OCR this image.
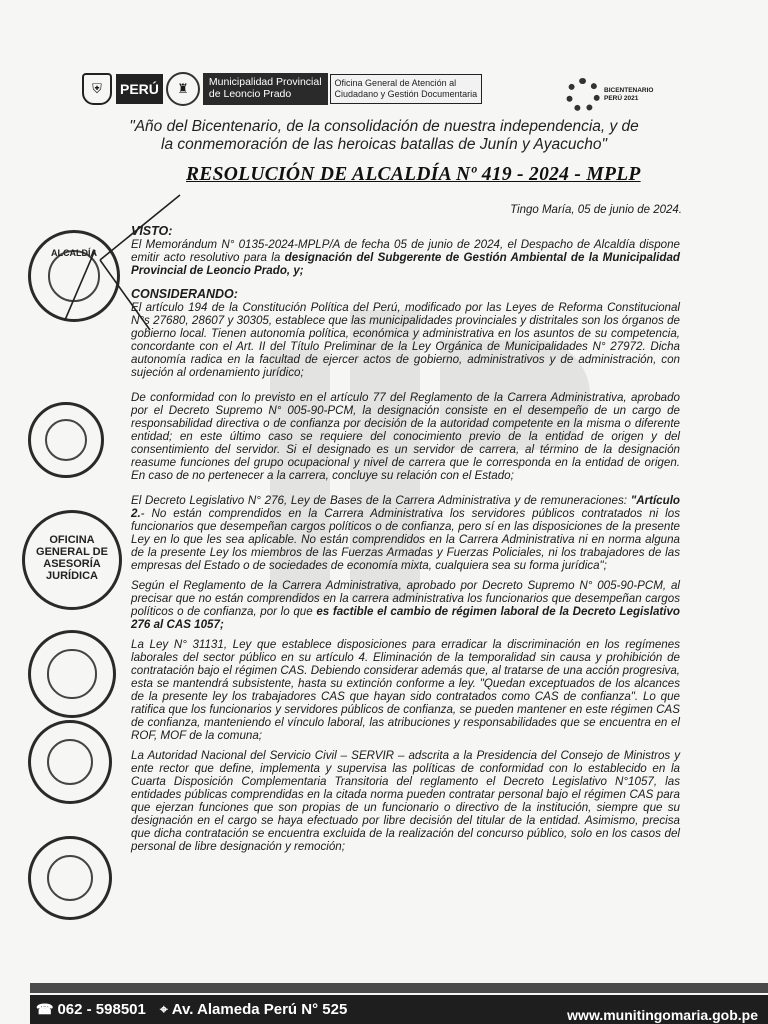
⛨	PERÚ	♜	Municipalidad Provincial
de Leoncio Prado
Oficina General de Atención al
Ciudadano y Gestión Documentaria	BICENTENARIO
PERÚ 2021
"Año del Bicentenario, de la consolidación de nuestra independencia, y de
la conmemoración de las heroicas batallas de Junín y Ayacucho"
RESOLUCIÓN DE ALCALDÍA Nº 419 - 2024 - MPLP
Tingo María, 05 de junio de 2024.
VISTO:

El Memorándum N° 0135-2024-MPLP/A de fecha 05 de junio de 2024, el Despacho de Alcaldía dispone emitir acto resolutivo para la designación del Subgerente de Gestión Ambiental de la Municipalidad Provincial de Leoncio Prado, y;

CONSIDERANDO:

El artículo 194 de la Constitución Política del Perú, modificado por las Leyes de Reforma Constitucional N°s 27680, 28607 y 30305, establece que las municipalidades provinciales y distritales son los órganos de gobierno local. Tienen autonomía política, económica y administrativa en los asuntos de su competencia, concordante con el Art. II del Título Preliminar de la Ley Orgánica de Municipalidades N° 27972. Dicha autonomía radica en la facultad de ejercer actos de gobierno, administrativos y de administración, con sujeción al ordenamiento jurídico;

De conformidad con lo previsto en el artículo 77 del Reglamento de la Carrera Administrativa, aprobado por el Decreto Supremo N° 005-90-PCM, la designación consiste en el desempeño de un cargo de responsabilidad directiva o de confianza por decisión de la autoridad competente en la misma o diferente entidad; en este último caso se requiere del conocimiento previo de la entidad de origen y del consentimiento del servidor. Si el designado es un servidor de carrera, al término de la designación reasume funciones del grupo ocupacional y nivel de carrera que le corresponda en la entidad de origen. En caso de no pertenecer a la carrera, concluye su relación con el Estado;

El Decreto Legislativo N° 276, Ley de Bases de la Carrera Administrativa y de remuneraciones: "Artículo 2.- No están comprendidos en la Carrera Administrativa los servidores públicos contratados ni los funcionarios que desempeñan cargos políticos o de confianza, pero sí en las disposiciones de la presente Ley en lo que les sea aplicable. No están comprendidos en la Carrera Administrativa ni en norma alguna de la presente Ley los miembros de las Fuerzas Armadas y Fuerzas Policiales, ni los trabajadores de las empresas del Estado o de sociedades de economía mixta, cualquiera sea su forma jurídica";

Según el Reglamento de la Carrera Administrativa, aprobado por Decreto Supremo N° 005-90-PCM, al precisar que no están comprendidos en la carrera administrativa los funcionarios que desempeñan cargos políticos o de confianza, por lo que es factible el cambio de régimen laboral de la Decreto Legislativo 276 al CAS 1057;

La Ley N° 31131, Ley que establece disposiciones para erradicar la discriminación en los regímenes laborales del sector público en su artículo 4. Eliminación de la temporalidad sin causa y prohibición de contratación bajo el régimen CAS. Debiendo considerar además que, al tratarse de una acción progresiva, esta se mantendrá subsistente, hasta su extinción conforme a ley. "Quedan exceptuados de los alcances de la presente ley los trabajadores CAS que hayan sido contratados como CAS de confianza". Lo que ratifica que los funcionarios y servidores públicos de confianza, se pueden mantener en este régimen CAS de confianza, manteniendo el vínculo laboral, las atribuciones y responsabilidades que se encuentra en el ROF, MOF de la comuna;

La Autoridad Nacional del Servicio Civil – SERVIR – adscrita a la Presidencia del Consejo de Ministros y ente rector que define, implementa y supervisa las políticas de conformidad con lo establecido en la Cuarta Disposición Complementaria Transitoria del reglamento el Decreto Legislativo N°1057, las entidades públicas comprendidas en la citada norma pueden contratar personal bajo el régimen CAS para que ejerzan funciones que son propias de un funcionario o directivo de la institución, siempre que su designación en el cargo se haya efectuado por libre decisión del titular de la entidad. Asimismo, precisa que dicha contratación se encuentra excluida de la realización del concurso público, solo en los casos del personal de libre designación y remoción;

ALCALDÍA
OFICINA
GENERAL DE
ASESORÍA
JURÍDICA
☎ 062 - 598501 ⌖ Av. Alameda Perú N° 525	www.munitingomaria.gob.pe
